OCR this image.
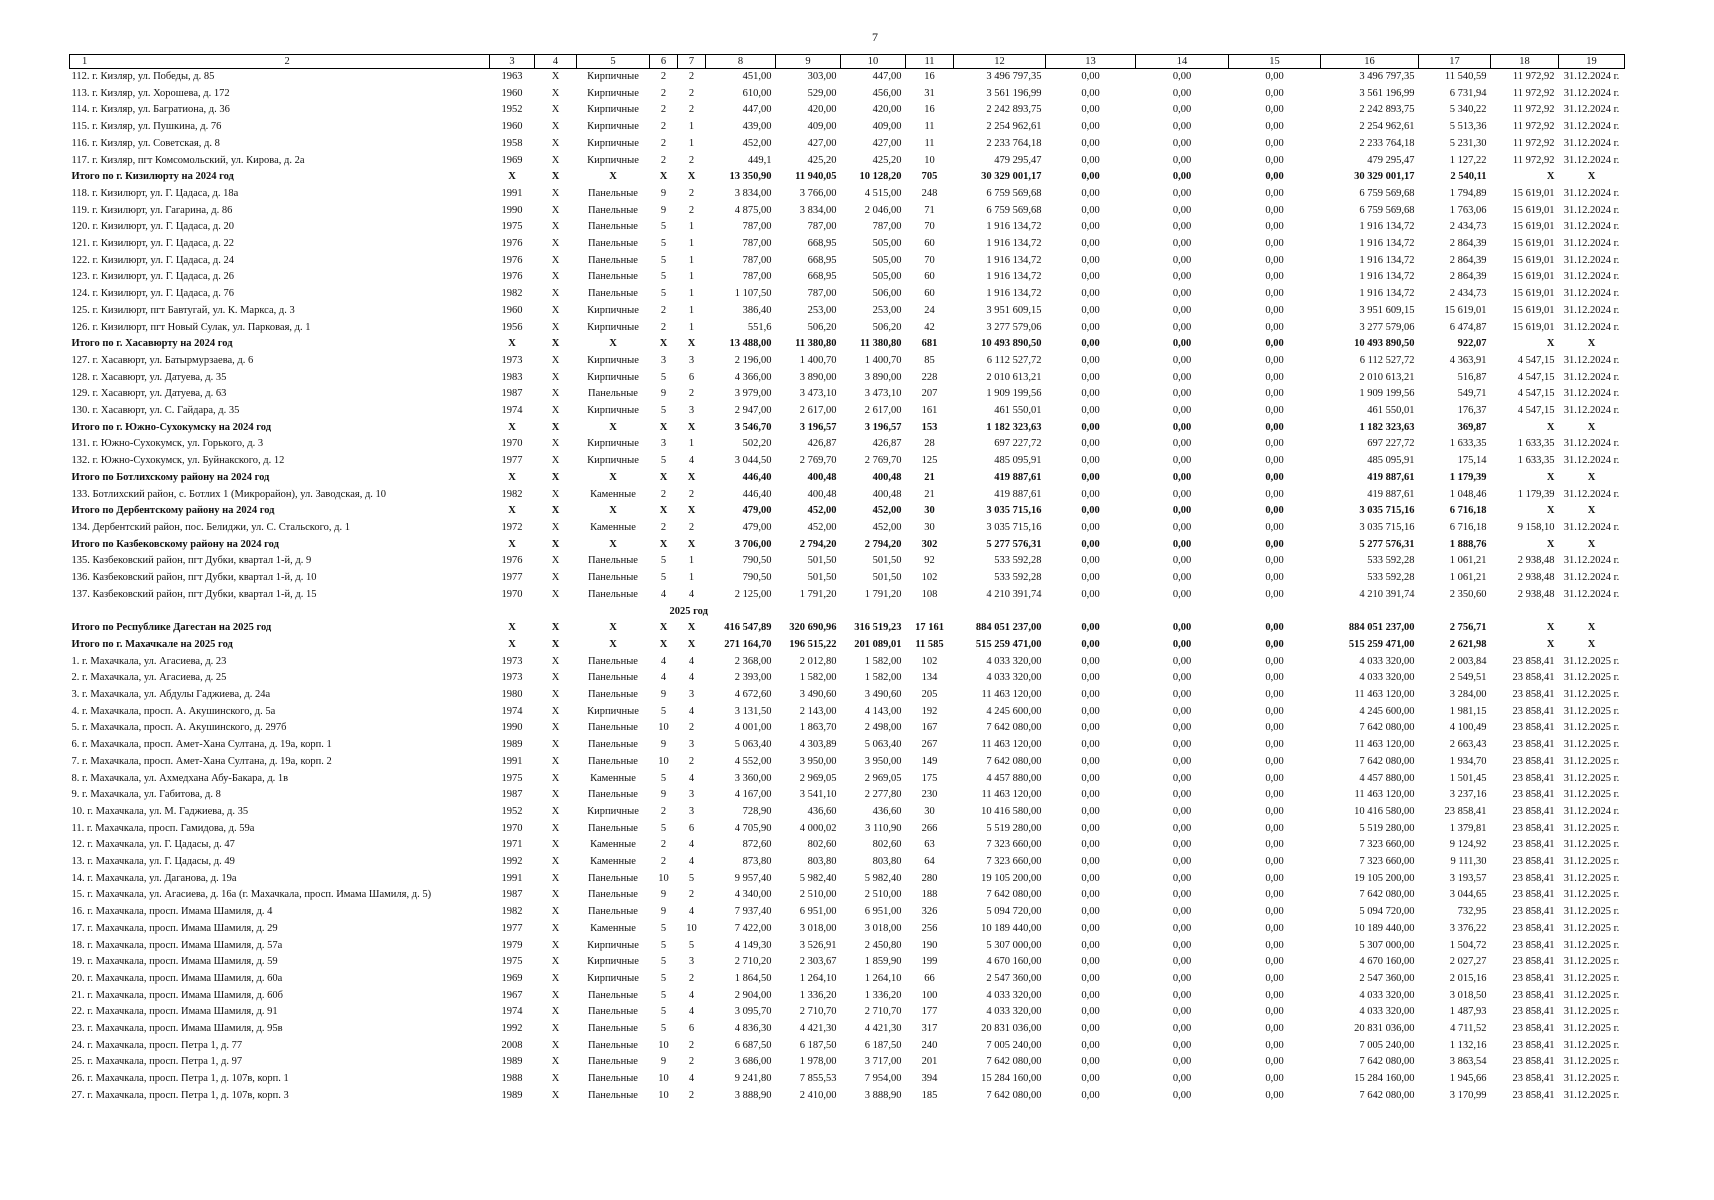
7
1 2	3	4	5	6	7	8	9	10	11	12	13	14	15	16	17	18	19
112. г. Кизляр, ул. Победы, д. 85	1963	X	Кирпичные	2	2	451,00	303,00	447,00	16	3 496 797,35	0,00	0,00	0,00	3 496 797,35	11 540,59	11 972,92	31.12.2024 г.
113. г. Кизляр, ул. Хорошева, д. 172	1960	X	Кирпичные	2	2	610,00	529,00	456,00	31	3 561 196,99	0,00	0,00	0,00	3 561 196,99	6 731,94	11 972,92	31.12.2024 г.
114. г. Кизляр, ул. Багратиона, д. 36	1952	X	Кирпичные	2	2	447,00	420,00	420,00	16	2 242 893,75	0,00	0,00	0,00	2 242 893,75	5 340,22	11 972,92	31.12.2024 г.
115. г. Кизляр, ул. Пушкина, д. 76	1960	X	Кирпичные	2	1	439,00	409,00	409,00	11	2 254 962,61	0,00	0,00	0,00	2 254 962,61	5 513,36	11 972,92	31.12.2024 г.
116. г. Кизляр, ул. Советская, д. 8	1958	X	Кирпичные	2	1	452,00	427,00	427,00	11	2 233 764,18	0,00	0,00	0,00	2 233 764,18	5 231,30	11 972,92	31.12.2024 г.
117. г. Кизляр, пгт Комсомольский, ул. Кирова, д. 2а	1969	X	Кирпичные	2	2	449,1	425,20	425,20	10	479 295,47	0,00	0,00	0,00	479 295,47	1 127,22	11 972,92	31.12.2024 г.
Итого по г. Кизилюрту на 2024 год	X	X	X	X	X	13 350,90	11 940,05	10 128,20	705	30 329 001,17	0,00	0,00	0,00	30 329 001,17	2 540,11	X	X
118. г. Кизилюрт, ул. Г. Цадаса, д. 18а	1991	X	Панельные	9	2	3 834,00	3 766,00	4 515,00	248	6 759 569,68	0,00	0,00	0,00	6 759 569,68	1 794,89	15 619,01	31.12.2024 г.
119. г. Кизилюрт, ул. Гагарина, д. 86	1990	X	Панельные	9	2	4 875,00	3 834,00	2 046,00	71	6 759 569,68	0,00	0,00	0,00	6 759 569,68	1 763,06	15 619,01	31.12.2024 г.
120. г. Кизилюрт, ул. Г. Цадаса, д. 20	1975	X	Панельные	5	1	787,00	787,00	787,00	70	1 916 134,72	0,00	0,00	0,00	1 916 134,72	2 434,73	15 619,01	31.12.2024 г.
121. г. Кизилюрт, ул. Г. Цадаса, д. 22	1976	X	Панельные	5	1	787,00	668,95	505,00	60	1 916 134,72	0,00	0,00	0,00	1 916 134,72	2 864,39	15 619,01	31.12.2024 г.
122. г. Кизилюрт, ул. Г. Цадаса, д. 24	1976	X	Панельные	5	1	787,00	668,95	505,00	70	1 916 134,72	0,00	0,00	0,00	1 916 134,72	2 864,39	15 619,01	31.12.2024 г.
123. г. Кизилюрт, ул. Г. Цадаса, д. 26	1976	X	Панельные	5	1	787,00	668,95	505,00	60	1 916 134,72	0,00	0,00	0,00	1 916 134,72	2 864,39	15 619,01	31.12.2024 г.
124. г. Кизилюрт, ул. Г. Цадаса, д. 76	1982	X	Панельные	5	1	1 107,50	787,00	506,00	60	1 916 134,72	0,00	0,00	0,00	1 916 134,72	2 434,73	15 619,01	31.12.2024 г.
125. г. Кизилюрт, пгт Бавтугай, ул. К. Маркса, д. 3	1960	X	Кирпичные	2	1	386,40	253,00	253,00	24	3 951 609,15	0,00	0,00	0,00	3 951 609,15	15 619,01	15 619,01	31.12.2024 г.
126. г. Кизилюрт, пгт Новый Сулак, ул. Парковая, д. 1	1956	X	Кирпичные	2	1	551,6	506,20	506,20	42	3 277 579,06	0,00	0,00	0,00	3 277 579,06	6 474,87	15 619,01	31.12.2024 г.
Итого по г. Хасавюрту на 2024 год	X	X	X	X	X	13 488,00	11 380,80	11 380,80	681	10 493 890,50	0,00	0,00	0,00	10 493 890,50	922,07	X	X
127. г. Хасавюрт, ул. Батырмурзаева, д. 6	1973	X	Кирпичные	3	3	2 196,00	1 400,70	1 400,70	85	6 112 527,72	0,00	0,00	0,00	6 112 527,72	4 363,91	4 547,15	31.12.2024 г.
128. г. Хасавюрт, ул. Датуева, д. 35	1983	X	Кирпичные	5	6	4 366,00	3 890,00	3 890,00	228	2 010 613,21	0,00	0,00	0,00	2 010 613,21	516,87	4 547,15	31.12.2024 г.
129. г. Хасавюрт, ул. Датуева, д. 63	1987	X	Панельные	9	2	3 979,00	3 473,10	3 473,10	207	1 909 199,56	0,00	0,00	0,00	1 909 199,56	549,71	4 547,15	31.12.2024 г.
130. г. Хасавюрт, ул. С. Гайдара, д. 35	1974	X	Кирпичные	5	3	2 947,00	2 617,00	2 617,00	161	461 550,01	0,00	0,00	0,00	461 550,01	176,37	4 547,15	31.12.2024 г.
Итого по г. Южно-Сухокумску на 2024 год	X	X	X	X	X	3 546,70	3 196,57	3 196,57	153	1 182 323,63	0,00	0,00	0,00	1 182 323,63	369,87	X	X
131. г. Южно-Сухокумск, ул. Горького, д. 3	1970	X	Кирпичные	3	1	502,20	426,87	426,87	28	697 227,72	0,00	0,00	0,00	697 227,72	1 633,35	1 633,35	31.12.2024 г.
132. г. Южно-Сухокумск, ул. Буйнакского, д. 12	1977	X	Кирпичные	5	4	3 044,50	2 769,70	2 769,70	125	485 095,91	0,00	0,00	0,00	485 095,91	175,14	1 633,35	31.12.2024 г.
Итого по Ботлихскому району на 2024 год	X	X	X	X	X	446,40	400,48	400,48	21	419 887,61	0,00	0,00	0,00	419 887,61	1 179,39	X	X
133. Ботлихский район, с. Ботлих 1 (Микрорайон), ул. Заводская, д. 10	1982	X	Каменные	2	2	446,40	400,48	400,48	21	419 887,61	0,00	0,00	0,00	419 887,61	1 048,46	1 179,39	31.12.2024 г.
Итого по Дербентскому району на 2024 год	X	X	X	X	X	479,00	452,00	452,00	30	3 035 715,16	0,00	0,00	0,00	3 035 715,16	6 716,18	X	X
134. Дербентский район, пос. Белиджи, ул. С. Стальского, д. 1	1972	X	Каменные	2	2	479,00	452,00	452,00	30	3 035 715,16	0,00	0,00	0,00	3 035 715,16	6 716,18	9 158,10	31.12.2024 г.
Итого по Казбековскому району на 2024 год	X	X	X	X	X	3 706,00	2 794,20	2 794,20	302	5 277 576,31	0,00	0,00	0,00	5 277 576,31	1 888,76	X	X
135. Казбековский район, пгт Дубки, квартал 1-й, д. 9	1976	X	Панельные	5	1	790,50	501,50	501,50	92	533 592,28	0,00	0,00	0,00	533 592,28	1 061,21	2 938,48	31.12.2024 г.
136. Казбековский район, пгт Дубки, квартал 1-й, д. 10	1977	X	Панельные	5	1	790,50	501,50	501,50	102	533 592,28	0,00	0,00	0,00	533 592,28	1 061,21	2 938,48	31.12.2024 г.
137. Казбековский район, пгт Дубки, квартал 1-й, д. 15	1970	X	Панельные	4	4	2 125,00	1 791,20	1 791,20	108	4 210 391,74	0,00	0,00	0,00	4 210 391,74	2 350,60	2 938,48	31.12.2024 г.
2025 год																	
Итого по Республике Дагестан на 2025 год	X	X	X	X	X	416 547,89	320 690,96	316 519,23	17 161	884 051 237,00	0,00	0,00	0,00	884 051 237,00	2 756,71	X	X
Итого по г. Махачкале на 2025 год	X	X	X	X	X	271 164,70	196 515,22	201 089,01	11 585	515 259 471,00	0,00	0,00	0,00	515 259 471,00	2 621,98	X	X
1. г. Махачкала, ул. Агасиева, д. 23	1973	X	Панельные	4	4	2 368,00	2 012,80	1 582,00	102	4 033 320,00	0,00	0,00	0,00	4 033 320,00	2 003,84	23 858,41	31.12.2025 г.
2. г. Махачкала, ул. Агасиева, д. 25	1973	X	Панельные	4	4	2 393,00	1 582,00	1 582,00	134	4 033 320,00	0,00	0,00	0,00	4 033 320,00	2 549,51	23 858,41	31.12.2025 г.
3. г. Махачкала, ул. Абдулы Гаджиева, д. 24а	1980	X	Панельные	9	3	4 672,60	3 490,60	3 490,60	205	11 463 120,00	0,00	0,00	0,00	11 463 120,00	3 284,00	23 858,41	31.12.2025 г.
4. г. Махачкала, просп. А. Акушинского, д. 5а	1974	X	Кирпичные	5	4	3 131,50	2 143,00	4 143,00	192	4 245 600,00	0,00	0,00	0,00	4 245 600,00	1 981,15	23 858,41	31.12.2025 г.
5. г. Махачкала, просп. А. Акушинского, д. 297б	1990	X	Панельные	10	2	4 001,00	1 863,70	2 498,00	167	7 642 080,00	0,00	0,00	0,00	7 642 080,00	4 100,49	23 858,41	31.12.2025 г.
6. г. Махачкала, просп. Амет-Хана Султана, д. 19а, корп. 1	1989	X	Панельные	9	3	5 063,40	4 303,89	5 063,40	267	11 463 120,00	0,00	0,00	0,00	11 463 120,00	2 663,43	23 858,41	31.12.2025 г.
7. г. Махачкала, просп. Амет-Хана Султана, д. 19а, корп. 2	1991	X	Панельные	10	2	4 552,00	3 950,00	3 950,00	149	7 642 080,00	0,00	0,00	0,00	7 642 080,00	1 934,70	23 858,41	31.12.2025 г.
8. г. Махачкала, ул. Ахмедхана Абу-Бакара, д. 1в	1975	X	Каменные	5	4	3 360,00	2 969,05	2 969,05	175	4 457 880,00	0,00	0,00	0,00	4 457 880,00	1 501,45	23 858,41	31.12.2025 г.
9. г. Махачкала, ул. Габитова, д. 8	1987	X	Панельные	9	3	4 167,00	3 541,10	2 277,80	230	11 463 120,00	0,00	0,00	0,00	11 463 120,00	3 237,16	23 858,41	31.12.2025 г.
10. г. Махачкала, ул. М. Гаджиева, д. 35	1952	X	Кирпичные	2	3	728,90	436,60	436,60	30	10 416 580,00	0,00	0,00	0,00	10 416 580,00	23 858,41	23 858,41	31.12.2024 г.
11. г. Махачкала, просп. Гамидова, д. 59а	1970	X	Панельные	5	6	4 705,90	4 000,02	3 110,90	266	5 519 280,00	0,00	0,00	0,00	5 519 280,00	1 379,81	23 858,41	31.12.2025 г.
12. г. Махачкала, ул. Г. Цадасы, д. 47	1971	X	Каменные	2	4	872,60	802,60	802,60	63	7 323 660,00	0,00	0,00	0,00	7 323 660,00	9 124,92	23 858,41	31.12.2025 г.
13. г. Махачкала, ул. Г. Цадасы, д. 49	1992	X	Каменные	2	4	873,80	803,80	803,80	64	7 323 660,00	0,00	0,00	0,00	7 323 660,00	9 111,30	23 858,41	31.12.2025 г.
14. г. Махачкала, ул. Даганова, д. 19а	1991	X	Панельные	10	5	9 957,40	5 982,40	5 982,40	280	19 105 200,00	0,00	0,00	0,00	19 105 200,00	3 193,57	23 858,41	31.12.2025 г.
15. г. Махачкала, ул. Агасиева, д. 16а (г. Махачкала, просп. Имама Шамиля, д. 5)	1987	X	Панельные	9	2	4 340,00	2 510,00	2 510,00	188	7 642 080,00	0,00	0,00	0,00	7 642 080,00	3 044,65	23 858,41	31.12.2025 г.
16. г. Махачкала, просп. Имама Шамиля, д. 4	1982	X	Панельные	9	4	7 937,40	6 951,00	6 951,00	326	5 094 720,00	0,00	0,00	0,00	5 094 720,00	732,95	23 858,41	31.12.2025 г.
17. г. Махачкала, просп. Имама Шамиля, д. 29	1977	X	Каменные	5	10	7 422,00	3 018,00	3 018,00	256	10 189 440,00	0,00	0,00	0,00	10 189 440,00	3 376,22	23 858,41	31.12.2025 г.
18. г. Махачкала, просп. Имама Шамиля, д. 57а	1979	X	Кирпичные	5	5	4 149,30	3 526,91	2 450,80	190	5 307 000,00	0,00	0,00	0,00	5 307 000,00	1 504,72	23 858,41	31.12.2025 г.
19. г. Махачкала, просп. Имама Шамиля, д. 59	1975	X	Кирпичные	5	3	2 710,20	2 303,67	1 859,90	199	4 670 160,00	0,00	0,00	0,00	4 670 160,00	2 027,27	23 858,41	31.12.2025 г.
20. г. Махачкала, просп. Имама Шамиля, д. 60а	1969	X	Кирпичные	5	2	1 864,50	1 264,10	1 264,10	66	2 547 360,00	0,00	0,00	0,00	2 547 360,00	2 015,16	23 858,41	31.12.2025 г.
21. г. Махачкала, просп. Имама Шамиля, д. 60б	1967	X	Панельные	5	4	2 904,00	1 336,20	1 336,20	100	4 033 320,00	0,00	0,00	0,00	4 033 320,00	3 018,50	23 858,41	31.12.2025 г.
22. г. Махачкала, просп. Имама Шамиля, д. 91	1974	X	Панельные	5	4	3 095,70	2 710,70	2 710,70	177	4 033 320,00	0,00	0,00	0,00	4 033 320,00	1 487,93	23 858,41	31.12.2025 г.
23. г. Махачкала, просп. Имама Шамиля, д. 95в	1992	X	Панельные	5	6	4 836,30	4 421,30	4 421,30	317	20 831 036,00	0,00	0,00	0,00	20 831 036,00	4 711,52	23 858,41	31.12.2025 г.
24. г. Махачкала, просп. Петра 1, д. 77	2008	X	Панельные	10	2	6 687,50	6 187,50	6 187,50	240	7 005 240,00	0,00	0,00	0,00	7 005 240,00	1 132,16	23 858,41	31.12.2025 г.
25. г. Махачкала, просп. Петра 1, д. 97	1989	X	Панельные	9	2	3 686,00	1 978,00	3 717,00	201	7 642 080,00	0,00	0,00	0,00	7 642 080,00	3 863,54	23 858,41	31.12.2025 г.
26. г. Махачкала, просп. Петра 1, д. 107в, корп. 1	1988	X	Панельные	10	4	9 241,80	7 855,53	7 954,00	394	15 284 160,00	0,00	0,00	0,00	15 284 160,00	1 945,66	23 858,41	31.12.2025 г.
27. г. Махачкала, просп. Петра 1, д. 107в, корп. 3	1989	X	Панельные	10	2	3 888,90	2 410,00	3 888,90	185	7 642 080,00	0,00	0,00	0,00	7 642 080,00	3 170,99	23 858,41	31.12.2025 г.
